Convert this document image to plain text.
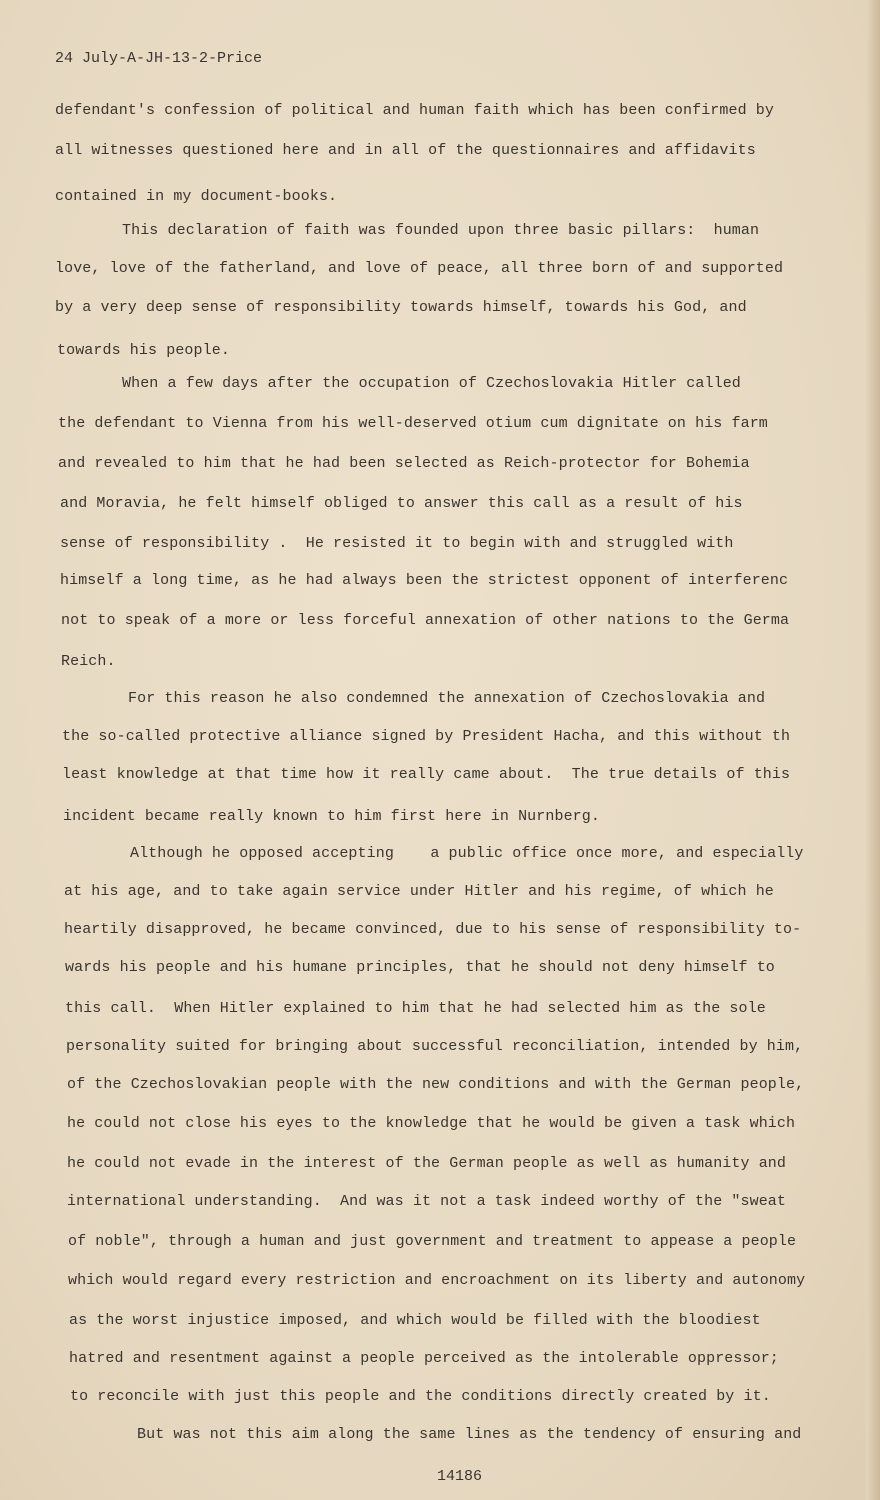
24 July-A-JH-13-2-Price
defendant's confession of political and human faith which has been confirmed by
all witnesses questioned here and in all of the questionnaires and affidavits
contained in my document-books.
This declaration of faith was founded upon three basic pillars:  human
love, love of the fatherland, and love of peace, all three born of and supported
by a very deep sense of responsibility towards himself, towards his God, and
towards his people.
When a few days after the occupation of Czechoslovakia Hitler called
the defendant to Vienna from his well-deserved otium cum dignitate on his farm
and revealed to him that he had been selected as Reich-protector for Bohemia
and Moravia, he felt himself obliged to answer this call as a result of his
sense of responsibility .  He resisted it to begin with and struggled with
himself a long time, as he had always been the strictest opponent of interferenc
not to speak of a more or less forceful annexation of other nations to the Germa
Reich.
For this reason he also condemned the annexation of Czechoslovakia and
the so-called protective alliance signed by President Hacha, and this without th
least knowledge at that time how it really came about.  The true details of this
incident became really known to him first here in Nurnberg.
Although he opposed accepting    a public office once more, and especially
at his age, and to take again service under Hitler and his regime, of which he
heartily disapproved, he became convinced, due to his sense of responsibility to-
wards his people and his humane principles, that he should not deny himself to
this call.  When Hitler explained to him that he had selected him as the sole
personality suited for bringing about successful reconciliation, intended by him,
of the Czechoslovakian people with the new conditions and with the German people,
he could not close his eyes to the knowledge that he would be given a task which
he could not evade in the interest of the German people as well as humanity and
international understanding.  And was it not a task indeed worthy of the "sweat
of noble", through a human and just government and treatment to appease a people
which would regard every restriction and encroachment on its liberty and autonomy
as the worst injustice imposed, and which would be filled with the bloodiest
hatred and resentment against a people perceived as the intolerable oppressor;
to reconcile with just this people and the conditions directly created by it.
But was not this aim along the same lines as the tendency of ensuring and
14186
